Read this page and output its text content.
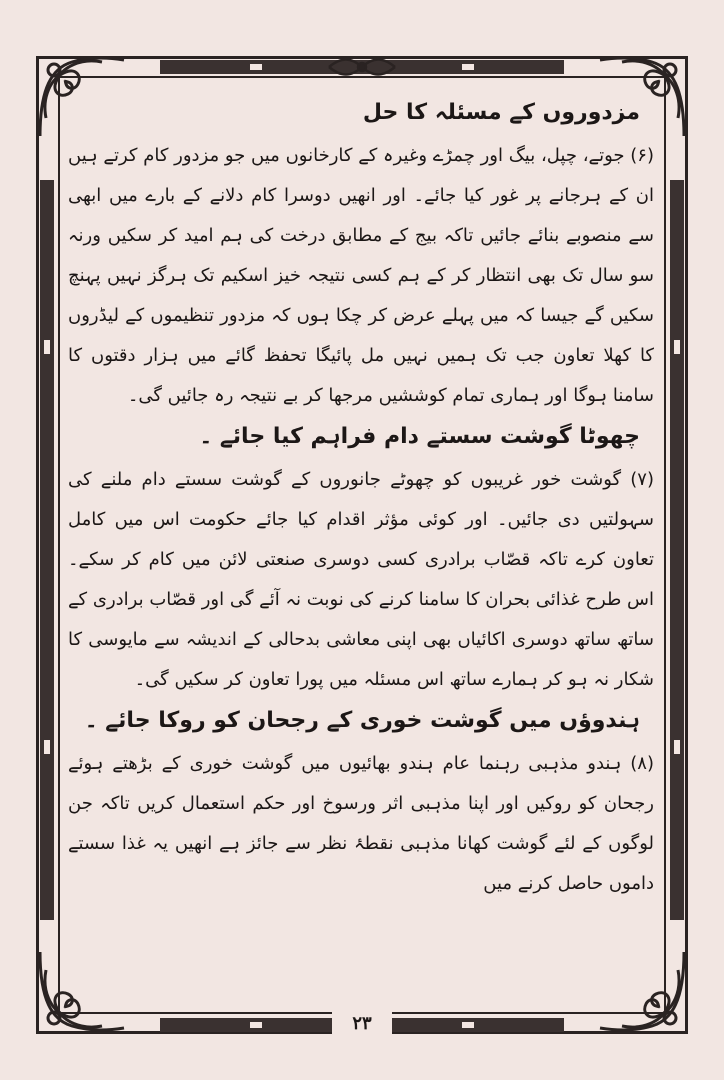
۲۳
مزدوروں کے مسئلہ کا حل

(۶) جوتے، چپل، بیگ اور چمڑے وغیرہ کے کارخانوں میں جو مزدور کام کرتے ہیں ان کے ہرجانے پر غور کیا جائے۔ اور انھیں دوسرا کام دلانے کے بارے میں ابھی سے منصوبے بنائے جائیں تاکہ بیج کے مطابق درخت کی ہم امید کر سکیں ورنہ سو سال تک بھی انتظار کر کے ہم کسی نتیجہ خیز اسکیم تک ہرگز نہیں پہنچ سکیں گے جیسا کہ میں پہلے عرض کر چکا ہوں کہ مزدور تنظیموں کے لیڈروں کا کھلا تعاون جب تک ہمیں نہیں مل پائیگا تحفظ گائے میں ہزار دقتوں کا سامنا ہوگا اور ہماری تمام کوششیں مرجھا کر بے نتیجہ رہ جائیں گی۔

چھوٹا گوشت سستے دام فراہم کیا جائے ۔

(۷) گوشت خور غریبوں کو چھوٹے جانوروں کے گوشت سستے دام ملنے کی سہولتیں دی جائیں۔ اور کوئی مؤثر اقدام کیا جائے حکومت اس میں کامل تعاون کرے تاکہ قصّاب برادری کسی دوسری صنعتی لائن میں کام کر سکے۔ اس طرح غذائی بحران کا سامنا کرنے کی نوبت نہ آئے گی اور قصّاب برادری کے ساتھ ساتھ دوسری اکائیاں بھی اپنی معاشی بدحالی کے اندیشہ سے مایوسی کا شکار نہ ہو کر ہمارے ساتھ اس مسئلہ میں پورا تعاون کر سکیں گی۔

ہندوؤں میں گوشت خوری کے رجحان کو روکا جائے ۔

(۸) ہندو مذہبی رہنما عام ہندو بھائیوں میں گوشت خوری کے بڑھتے ہوئے رجحان کو روکیں اور اپنا مذہبی اثر ورسوخ اور حکم استعمال کریں تاکہ جن لوگوں کے لئے گوشت کھانا مذہبی نقطۂ نظر سے جائز ہے انھیں یہ غذا سستے داموں حاصل کرنے میں
